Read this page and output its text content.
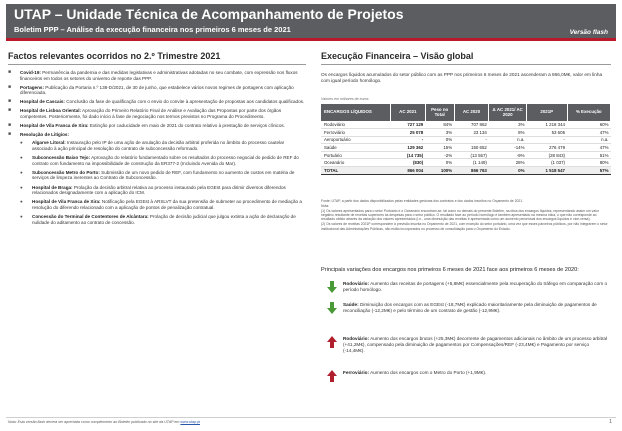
UTAP – Unidade Técnica de Acompanhamento de Projetos
Boletim PPP – Análise da execução financeira nos primeiros 6 meses de 2021	Versão flash
Factos relevantes ocorridos no 2.º Trimestre 2021
■	Covid-19: Permanência da pandemia e das medidas legislativas e administrativas adotadas no seu combate, com expressão nos fluxos financeiros em todos os setores do universo de reporte das PPP.
■	Portagens: Publicação da Portaria n.º 138-D/2021, de 30 de junho, que estabelece vários novos regimes de portagens com aplicação diferenciada.
■	Hospital de Cascais: Conclusão da fase de qualificação com o envio do convite à apresentação de propostas aos candidatos qualificados.
■	Hospital de Lisboa Oriental: Aprovação do Primeiro Relatório Final de Análise e Avaliação das Propostas por parte dos órgãos competentes. Posteriormente, foi dado início à fase de negociação nos termos previstos no Programa do Procedimento.
■	Hospital de Vila Franca de Xira: Extinção por caducidade em maio de 2021 do contrato relativo à prestação de serviços clínicos.
■	Resolução de Litígios:
●	Algarve Litoral: Instauração pelo IP de uma ação de anulação da decisão arbitral proferida no âmbito do processo cautelar associado à ação principal de resolução do contrato de subconcessão reformado.
●	Subconcessão Baixo Tejo: Aprovação do relatório fundamentado sobre os resultados do processo negocial do pedido de REF do contrato com fundamento na impossibilidade de construção da ER377-2 (Incluindo Avenida do Mar).
●	Subconcessão Metro do Porto: Submissão de um novo pedido de REF, com fundamento no aumento de custos em matéria de serviços de limpeza inerentes ao Contrato de Subconcessão.
●	Hospital de Braga: Prolação da decisão arbitral relativa ao processo instaurado pela EGEst para dirimir diversos diferendos relacionados designadamente com a aplicação do ICM.
●	Hospital de Vila Franca de Xira: Notificação pela EGEst à ARSLVT da sua pretensão de submeter ao procedimento de mediação a resolução do diferendo relacionado com a aplicação de pontos de penalização contratual.
●	Concessão do Terminal de Contentores de Alcântara: Prolação de decisão judicial que julgou extinta a ação de declaração de nulidade do aditamento ao contrato de concessão.
Execução Financeira – Visão global
Os encargos líquidos acumulados do setor público com as PPP nos primeiros 6 meses de 2021 ascenderam a 866,0M€, valor em linha com igual período homólogo.
Valores em milhares de euros
ENCARGOS LÍQUIDOS	AC 2021	Peso no Total	AC 2020	Δ AC 2021/ AC 2020	2021P	% Execução
Rodoviário	727 129	84%	707 862	3%	1 218 344	60%
Ferroviário	25 078	3%	23 134	8%	53 605	47%
Aeroportuário	-	0%	-	n.a.	-	n.a.
Saúde	129 362	15%	150 652	-14%	276 479	47%
Portuário	(14 735)	-2%	(13 557)	-9%	(28 843)	51%
Oceanário	(830)	0%	(1 149)	28%	(1 037)	80%
TOTAL	866 004	100%	866 763	0%	1 518 547	57%
Fonte: UTAP, a partir dos dados disponibilizados pelas entidades gestoras dos contratos e dos dados inscritos no Orçamento de 2021.
Nota:
(1) Os valores apresentados para o setor Portuário e o Oceanário encontram-se, tal como no demais do presente Boletim, na ótica dos encargos líquidos, representando assim um valor negativo resultante de receitas superiores às despesas para o setor público. O resultado face ao período homólogo é também apresentado na mesma ótica, o que não corresponde ao resultado obtido através da variação dos valores apresentados (i.e., uma diminuição das receitas é apresentada como um aumento percentual dos encargos líquidos e vice-versa).
(2) Os valores de receitas 2021P correspondem à previsão inscrita no Orçamento de 2021, com exceção do setor portuário, uma vez que esses parceiros públicos, por não integrarem o setor institucional das Administrações Públicas, não estão incorporados no processo de consolidação para o Orçamento do Estado.
Principais variações dos encargos nos primeiros 6 meses de 2021 face aos primeiros 6 meses de 2020:
Rodoviário: Aumento das receitas de portagens (+5,8M€) essencialmente pela recuperação do tráfego em comparação com o período homólogo.
Saúde: Diminuição dos encargos com as EGEst (-18,7M€) explicado maioritariamente pela diminuição de pagamentos de reconciliação (-12,2M€) e pelo término de um contrato de gestão (-12,9M€).
Rodoviário: Aumento dos encargos brutos (+25,3M€) decorrente de pagamentos adicionais no âmbito de um processo arbitral (+41,2M€), compensado pela diminuição de pagamentos por Compensações/REF (-23,4M€) e Pagamento por serviço (-14,4M€).
Ferroviário: Aumento dos encargos com o Metro do Porto (+1,9M€).
Nota: Esta versão flash deverá ser apreciada como complemento ao Boletim publicado no site da UTAP em www.utap.pt	1
